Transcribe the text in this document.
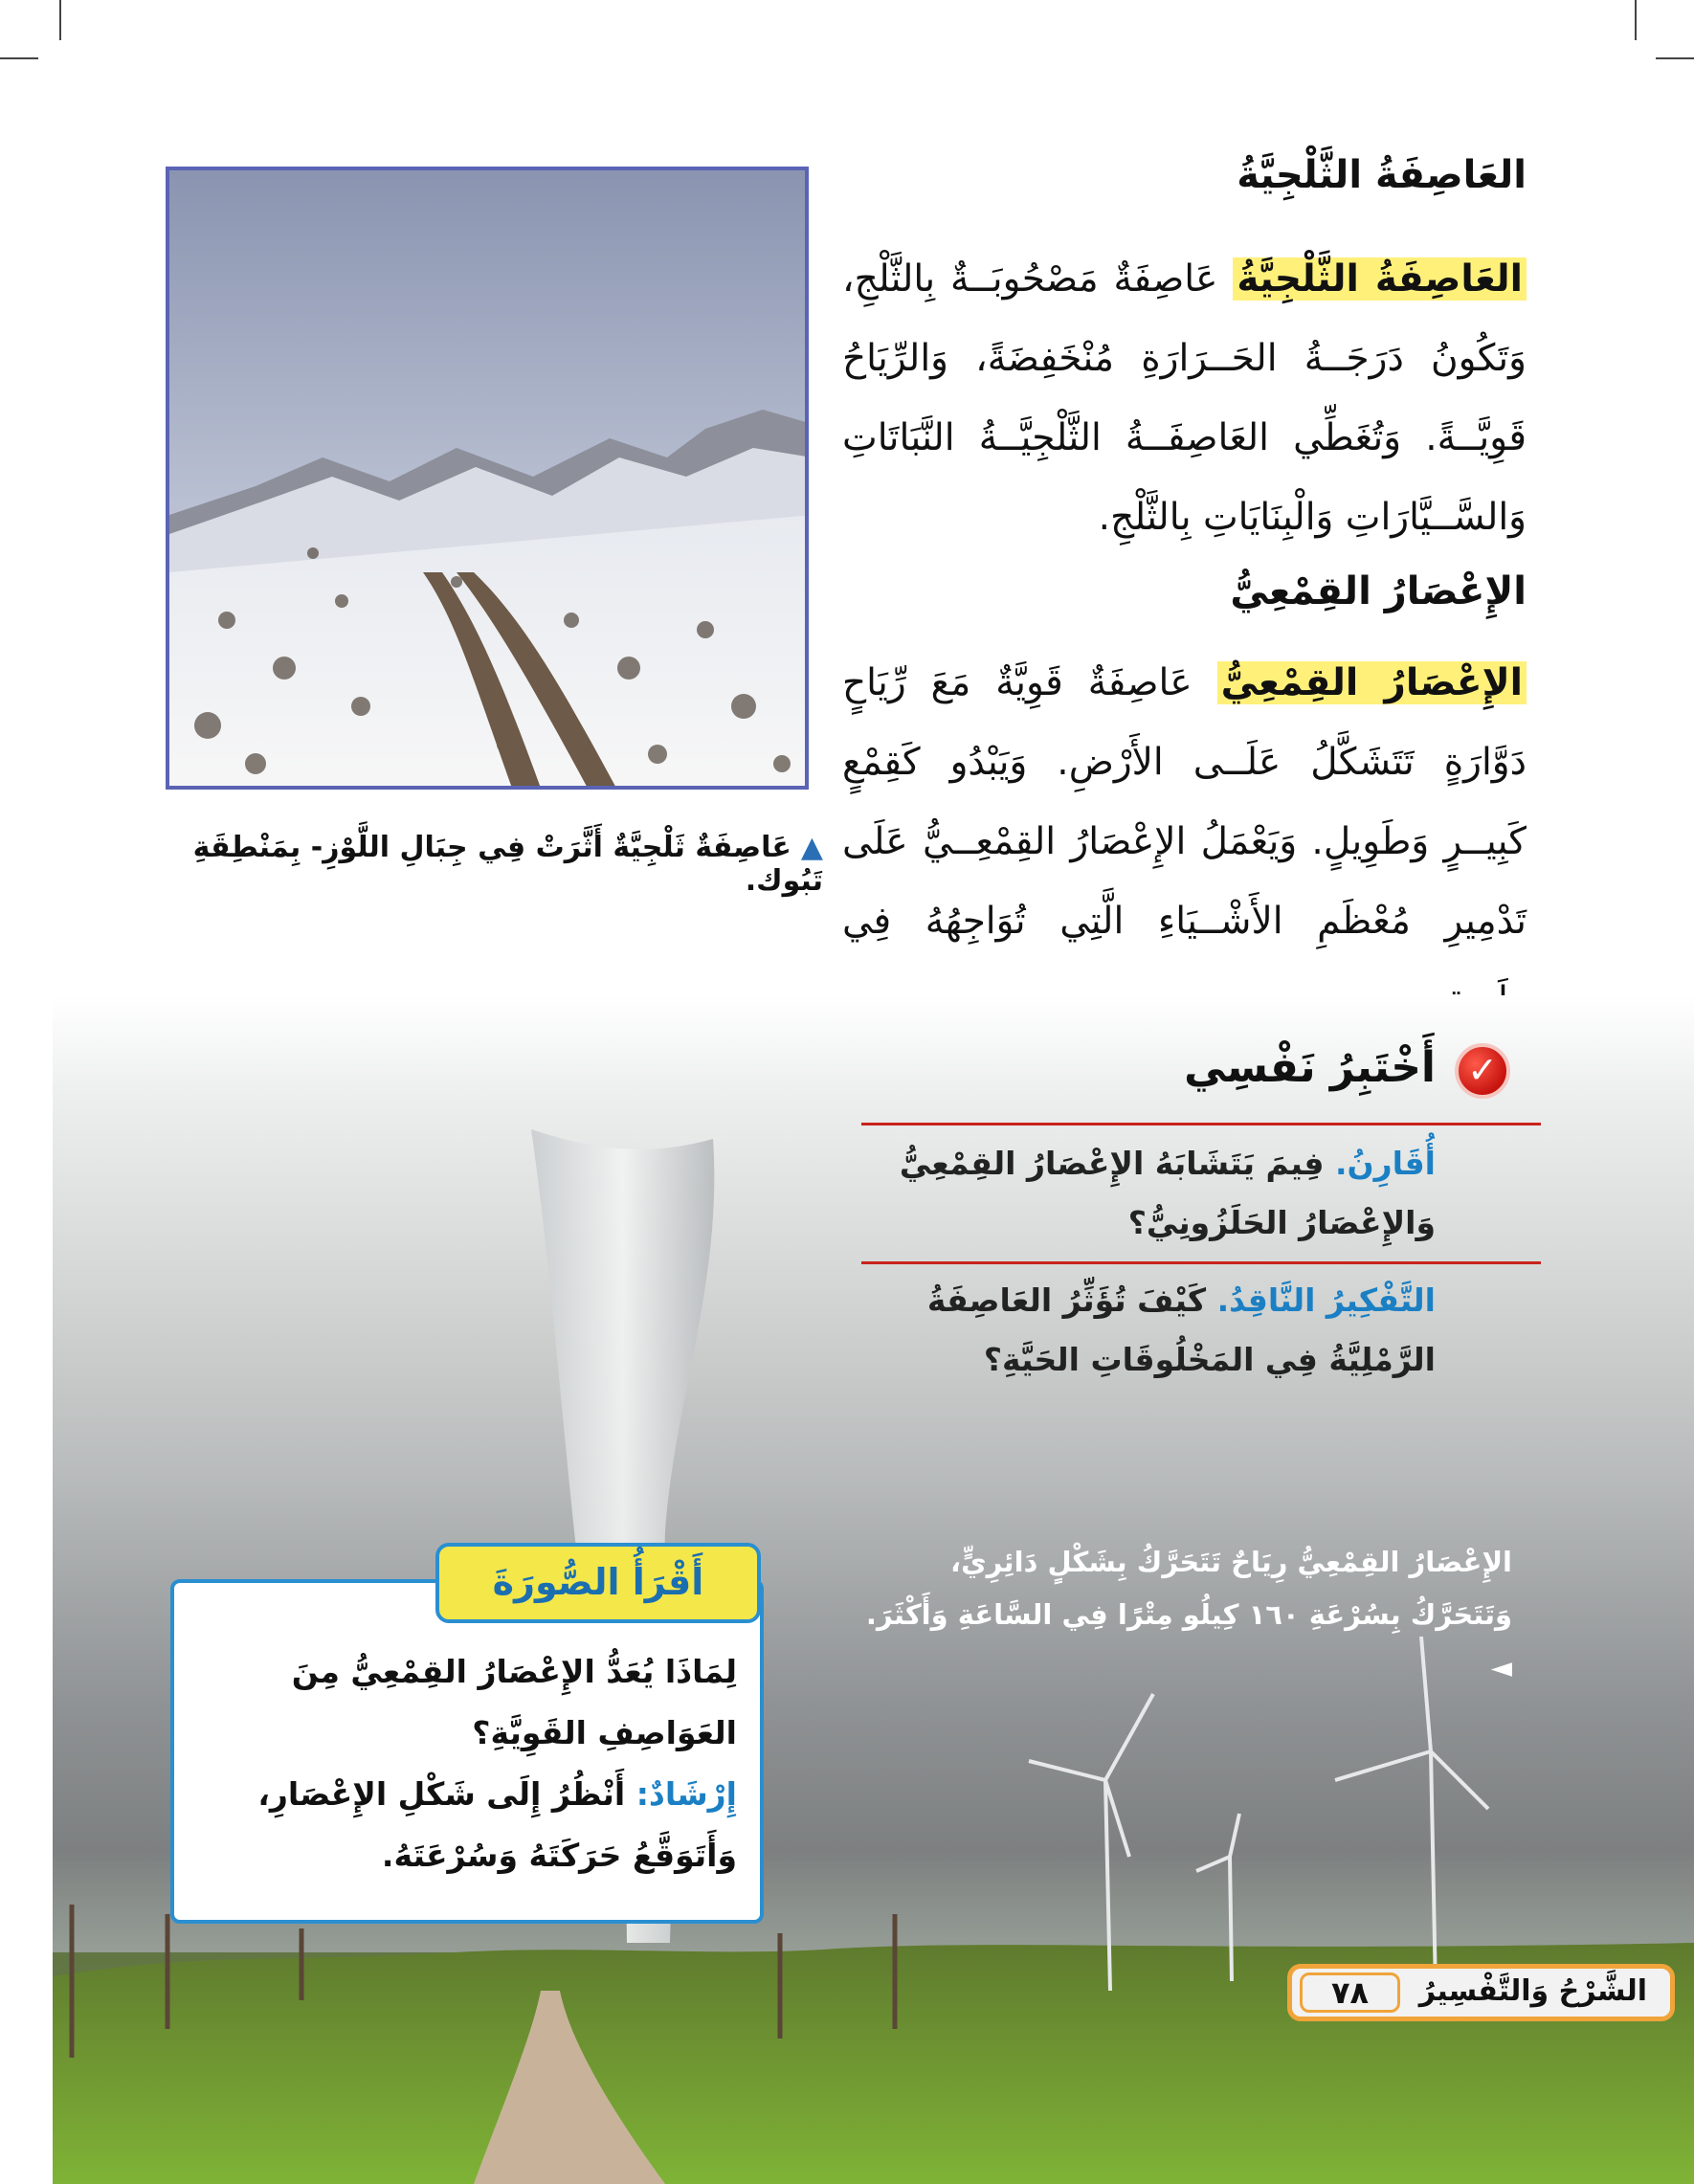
العَاصِفَةُ الثَّلْجِيَّةُ
العَاصِفَةُ الثَّلْجِيَّةُ عَاصِفَةٌ مَصْحُوبَــةٌ بِالثَّلْجِ، وَتَكُونُ دَرَجَــةُ الحَــرَارَةِ مُنْخَفِضَةً، وَالرِّيَاحُ قَوِيَّــةً. وَتُغَطِّي العَاصِفَــةُ الثَّلْجِيَّــةُ النَّبَاتَاتِ وَالسَّــيَّارَاتِ وَالْبِنَايَاتِ بِالثَّلْجِ.
الإِعْصَارُ القِمْعِيُّ
الإِعْصَارُ القِمْعِيُّ عَاصِفَةٌ قَوِيَّةٌ مَعَ رِّيَاحٍ دَوَّارَةٍ تَتَشَكَّلُ عَلَــى الأَرْضِ. وَيَبْدُو كَقِمْعٍ كَبِيــرٍ وَطَوِيلٍ. وَيَعْمَلُ الإِعْصَارُ القِمْعِــيُّ عَلَى تَدْمِيرِ مُعْظَمِ الأَشْــيَاءِ الَّتِي تُوَاجِهُهُ فِي
▲عَاصِفَةٌ ثَلْجِيَّةٌ أَثَّرَتْ فِي جِبَالِ اللَّوْزِ- بِمَنْطِقَةِ تَبُوك.
✓
أَخْتَبِرُ نَفْسِي
أُقَارِنُ. فِيمَ يَتَشَابَهُ الإِعْصَارُ القِمْعِيُّ وَالإِعْصَارُ الحَلَزُونِيُّ؟
التَّفْكِيرُ النَّاقِدُ. كَيْفَ تُؤَثِّرُ العَاصِفَةُ الرَّمْلِيَّةُ فِي المَخْلُوقَاتِ الحَيَّةِ؟
الإِعْصَارُ القِمْعِيُّ رِيَاحٌ تَتَحَرَّكُ بِشَكْلٍ دَائِرِيٍّ، وَتَتَحَرَّكُ بِسُرْعَةِ ١٦٠ كِيلُو مِتْرًا فِي السَّاعَةِ وَأَكْثَرَ. ◄
أَقْرَأُ الصُّورَةَ
لِمَاذَا يُعَدُّ الإِعْصَارُ القِمْعِيُّ مِنَ العَوَاصِفِ القَوِيَّةِ؟
إِرْشَادٌ: أَنْظُرُ إِلَى شَكْلِ الإِعْصَارِ، وَأَتَوَقَّعُ حَرَكَتَهُ وَسُرْعَتَهُ.
٧٨	الشَّرْحُ وَالتَّفْسِيرُ
